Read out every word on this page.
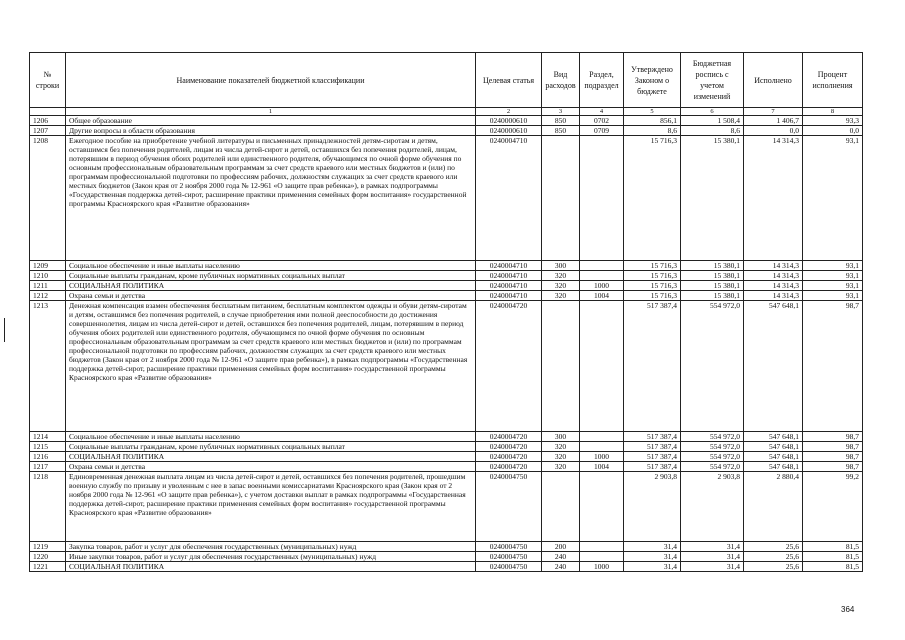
№ строки	Наименование показателей бюджетной классификации	Целевая статья	Вид расходов	Раздел, подраздел	Утверждено Законом о бюджете	Бюджетная роспись с учетом изменений	Исполнено	Процент исполнения
	1	2	3	4	5	6	7	8
1206	Общее образование	0240000610	850	0702	856,1	1 508,4	1 406,7	93,3
1207	Другие вопросы в области образования	0240000610	850	0709	8,6	8,6	0,0	0,0
1208	Ежегодное пособие на приобретение учебной литературы и письменных принадлежностей детям-сиротам и детям, оставшимся без попечения родителей, лицам из числа детей-сирот и детей, оставшихся без попечения родителей, лицам, потерявшим в период обучения обоих родителей или единственного родителя, обучающимся по очной форме обучения по основным профессиональным образовательным программам за счет средств краевого или местных бюджетов и (или) по программам профессиональной подготовки по профессиям рабочих, должностям служащих за счет средств краевого или местных бюджетов (Закон края от 2 ноября 2000 года № 12-961 «О защите прав ребенка»), в рамках подпрограммы «Государственная поддержка детей-сирот, расширение практики применения семейных форм воспитания» государственной программы Красноярского края «Развитие образования»	0240004710			15 716,3	15 380,1	14 314,3	93,1
1209	Социальное обеспечение и иные выплаты населению	0240004710	300		15 716,3	15 380,1	14 314,3	93,1
1210	Социальные выплаты гражданам, кроме публичных нормативных социальных выплат	0240004710	320		15 716,3	15 380,1	14 314,3	93,1
1211	СОЦИАЛЬНАЯ ПОЛИТИКА	0240004710	320	1000	15 716,3	15 380,1	14 314,3	93,1
1212	Охрана семьи и детства	0240004710	320	1004	15 716,3	15 380,1	14 314,3	93,1
1213	Денежная компенсация взамен обеспечения бесплатным питанием, бесплатным комплектом одежды и обуви детям-сиротам и детям, оставшимся без попечения родителей, в случае приобретения ими полной дееспособности до достижения совершеннолетия, лицам из числа детей-сирот и детей, оставшихся без попечения родителей, лицам, потерявшим в период обучения обоих родителей или единственного родителя, обучающимся по очной форме обучения по основным профессиональным образовательным программам за счет средств краевого или местных бюджетов и (или) по программам профессиональной подготовки по профессиям рабочих, должностям служащих за счет средств краевого или местных бюджетов (Закон края от 2 ноября 2000 года № 12-961 «О защите прав ребенка»), в рамках подпрограммы «Государственная поддержка детей-сирот, расширение практики применения семейных форм воспитания» государственной программы Красноярского края «Развитие образования»	0240004720			517 387,4	554 972,0	547 648,1	98,7
1214	Социальное обеспечение и иные выплаты населению	0240004720	300		517 387,4	554 972,0	547 648,1	98,7
1215	Социальные выплаты гражданам, кроме публичных нормативных социальных выплат	0240004720	320		517 387,4	554 972,0	547 648,1	98,7
1216	СОЦИАЛЬНАЯ ПОЛИТИКА	0240004720	320	1000	517 387,4	554 972,0	547 648,1	98,7
1217	Охрана семьи и детства	0240004720	320	1004	517 387,4	554 972,0	547 648,1	98,7
1218	Единовременная денежная выплата лицам из числа детей-сирот и детей, оставшихся без попечения родителей, прошедшим военную службу по призыву и уволенным с нее в запас военными комиссариатами Красноярского края (Закон края от 2 ноября 2000 года № 12-961 «О защите прав ребенка»), с учетом доставки выплат в рамках подпрограммы «Государственная поддержка детей-сирот, расширение практики применения семейных форм воспитания» государственной программы Красноярского края «Развитие образования»	0240004750			2 903,8	2 903,8	2 880,4	99,2
1219	Закупка товаров, работ и услуг для обеспечения государственных (муниципальных) нужд	0240004750	200		31,4	31,4	25,6	81,5
1220	Иные закупки товаров, работ и услуг для обеспечения государственных (муниципальных) нужд	0240004750	240		31,4	31,4	25,6	81,5
1221	СОЦИАЛЬНАЯ ПОЛИТИКА	0240004750	240	1000	31,4	31,4	25,6	81,5
364
